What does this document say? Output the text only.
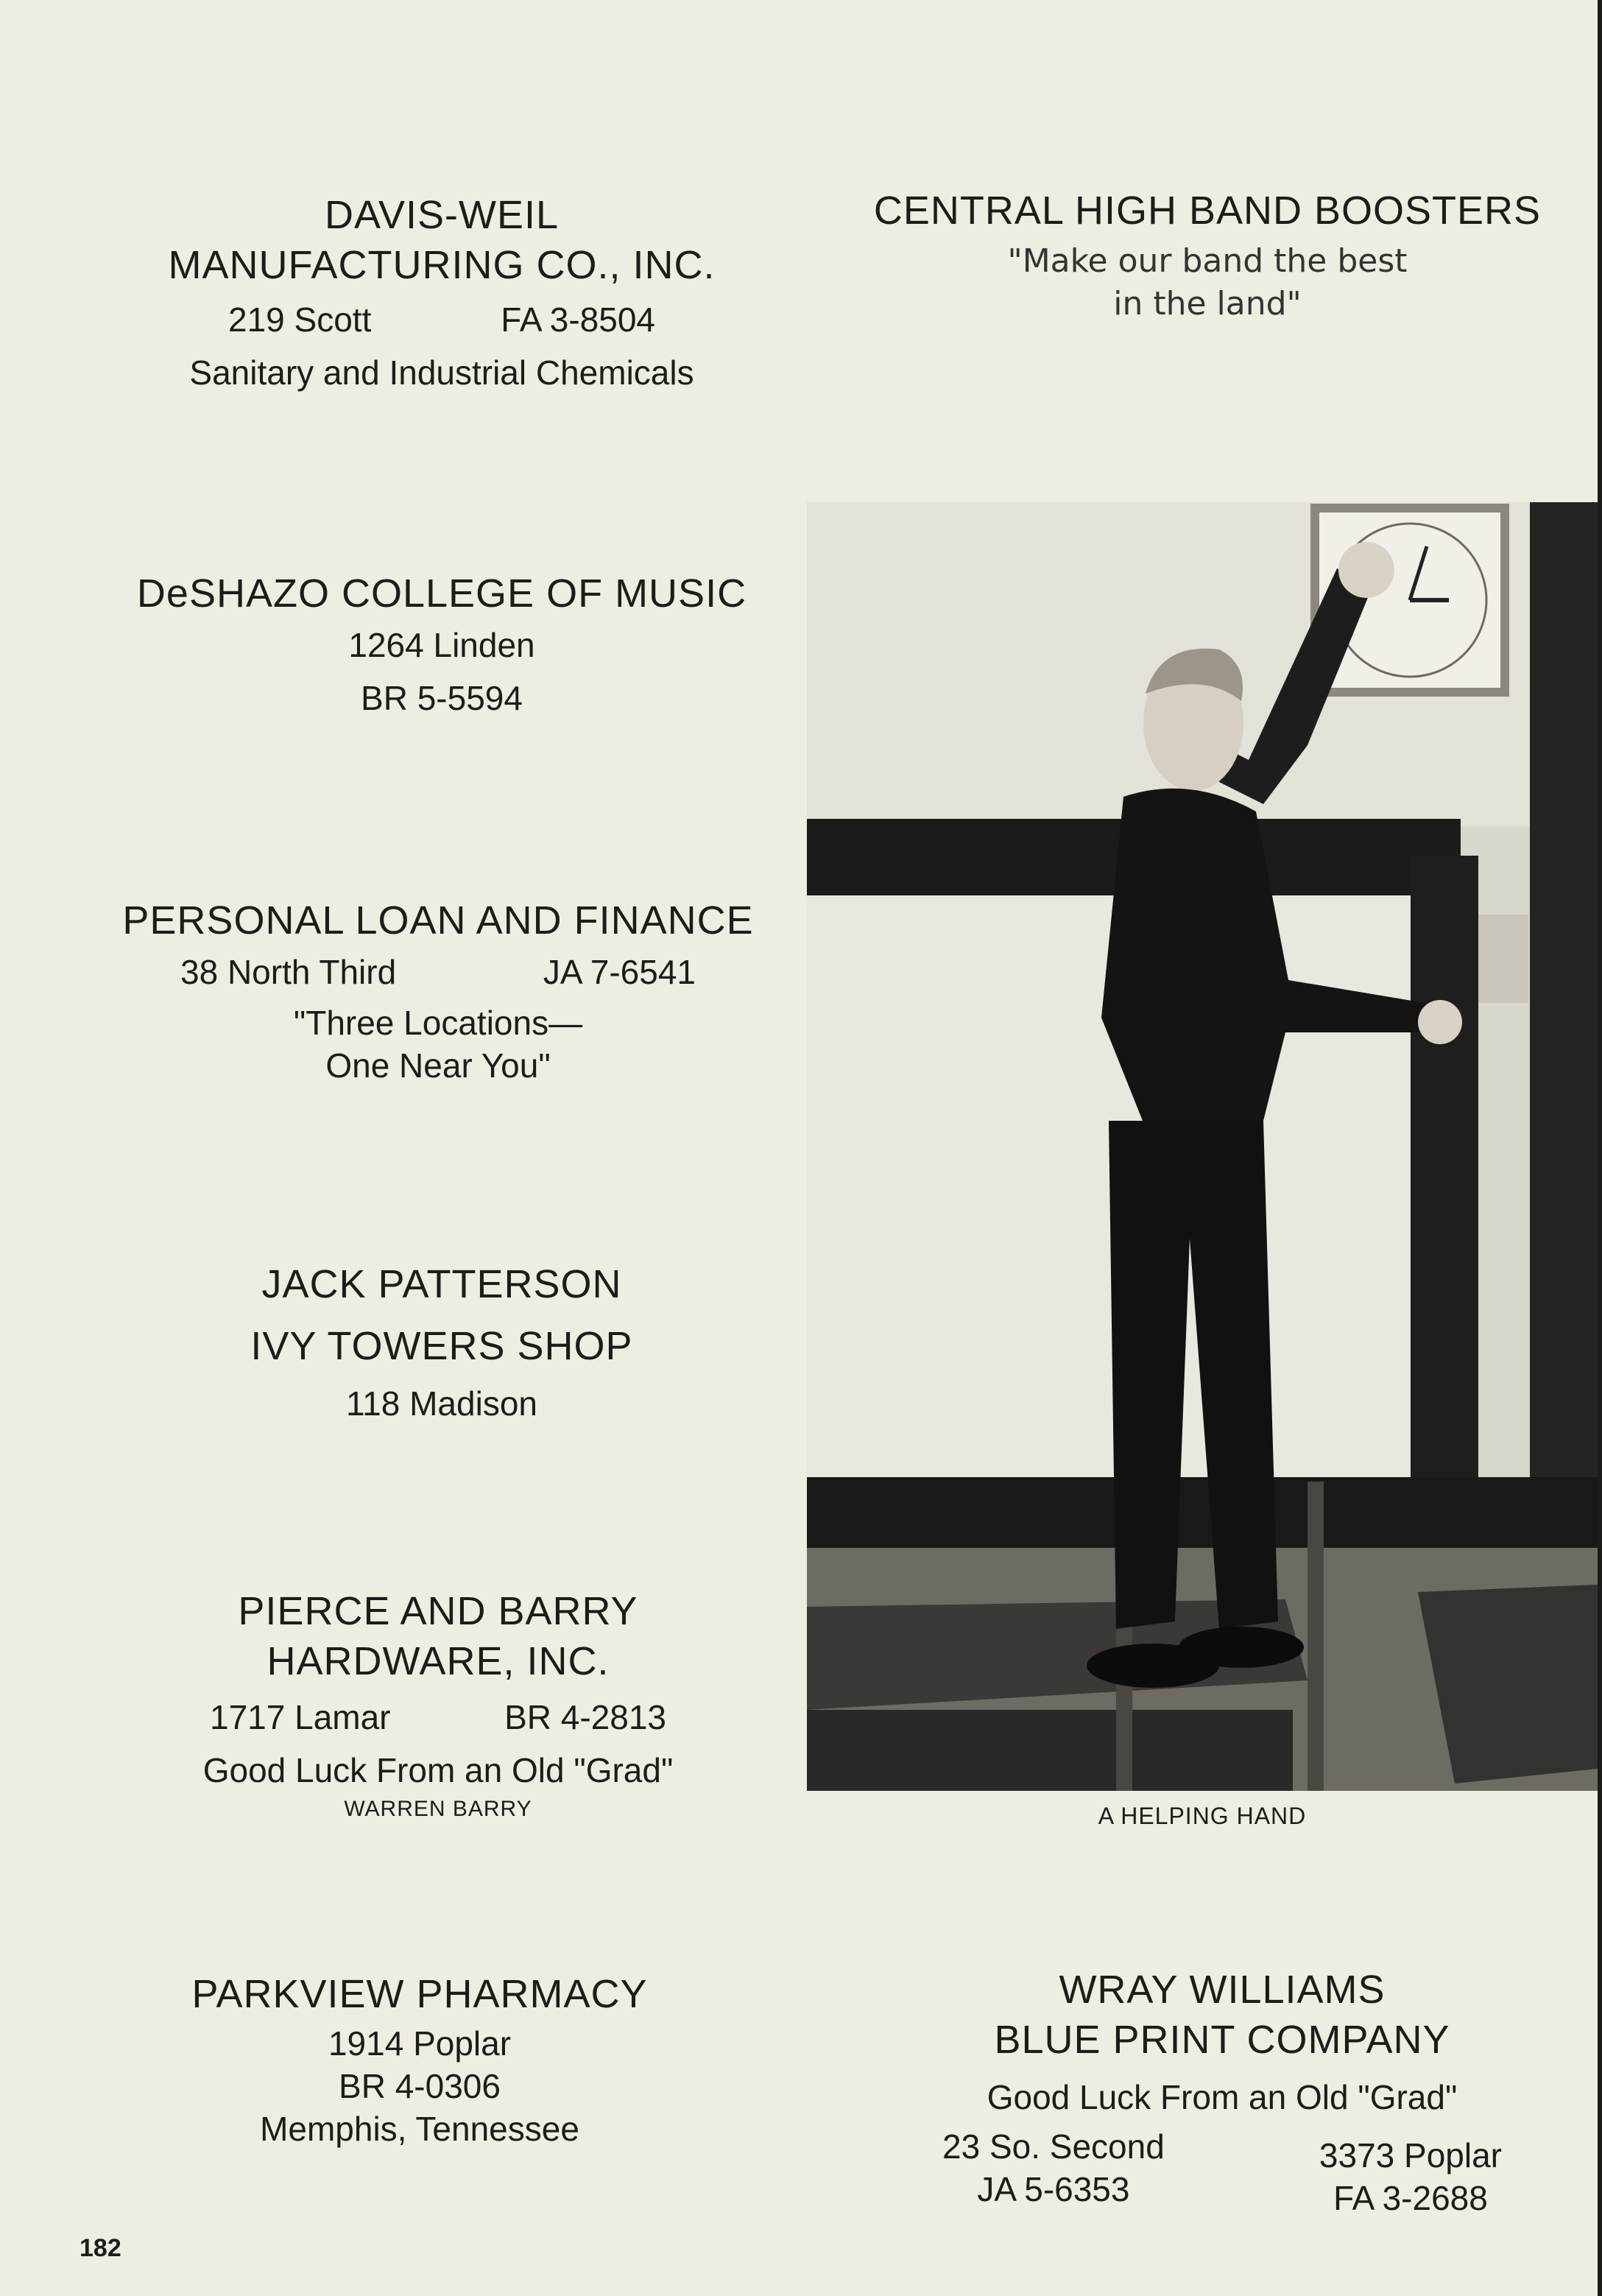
DAVIS-WEIL
MANUFACTURING CO., INC.
219 Scott	FA 3-8504
Sanitary and Industrial Chemicals
CENTRAL HIGH BAND BOOSTERS
"Make our band the best
in the land"
DeSHAZO COLLEGE OF MUSIC
1264 Linden
BR 5-5594
PERSONAL LOAN AND FINANCE
38 North Third	JA 7-6541
"Three Locations—
One Near You"
JACK PATTERSON
IVY TOWERS SHOP
118 Madison
PIERCE AND BARRY
HARDWARE, INC.
1717 Lamar	BR 4-2813
Good Luck From an Old "Grad"
WARREN BARRY
PARKVIEW PHARMACY
1914 Poplar
BR 4-0306
Memphis, Tennessee
WRAY WILLIAMS
BLUE PRINT COMPANY
Good Luck From an Old "Grad"
23 So. Second
JA 5-6353
3373 Poplar
FA 3-2688
A HELPING HAND
182
